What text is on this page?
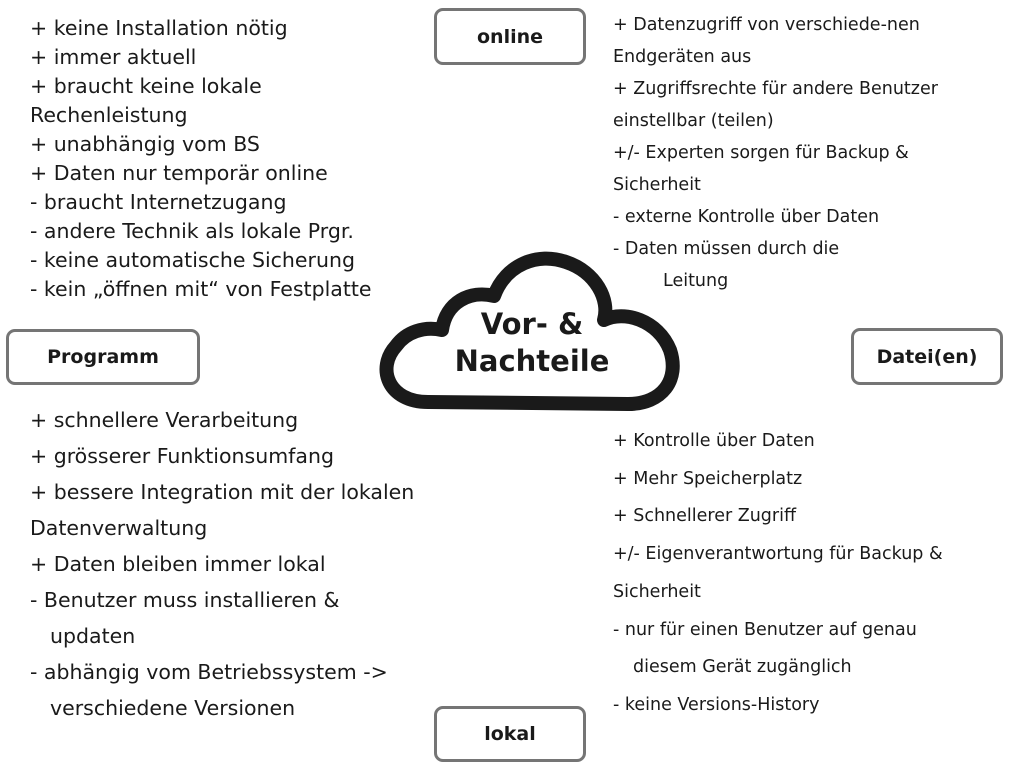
online
Programm	Datei(en)
lokal
Vor- &
Nachteile
+ keine Installation nötig
+ immer aktuell
+ braucht keine lokale
Rechenleistung
+ unabhängig vom BS
+ Daten nur temporär online
- braucht Internetzugang
- andere Technik als lokale Prgr.
- keine automatische Sicherung
- kein „öffnen mit“ von Festplatte
+ Datenzugriff von verschiede-nen
Endgeräten aus
+ Zugriffsrechte für andere Benutzer
einstellbar (teilen)
+/- Experten sorgen für Backup &
Sicherheit
- externe Kontrolle über Daten
- Daten müssen durch die
Leitung
+ schnellere Verarbeitung
+ grösserer Funktionsumfang
+ bessere Integration mit der lokalen
Datenverwaltung
+ Daten bleiben immer lokal
- Benutzer muss installieren &
updaten
- abhängig vom Betriebssystem ->
verschiedene Versionen
+ Kontrolle über Daten
+ Mehr Speicherplatz
+ Schnellerer Zugriff
+/- Eigenverantwortung für Backup &
Sicherheit
- nur für einen Benutzer auf genau
diesem Gerät zugänglich
- keine Versions-History
